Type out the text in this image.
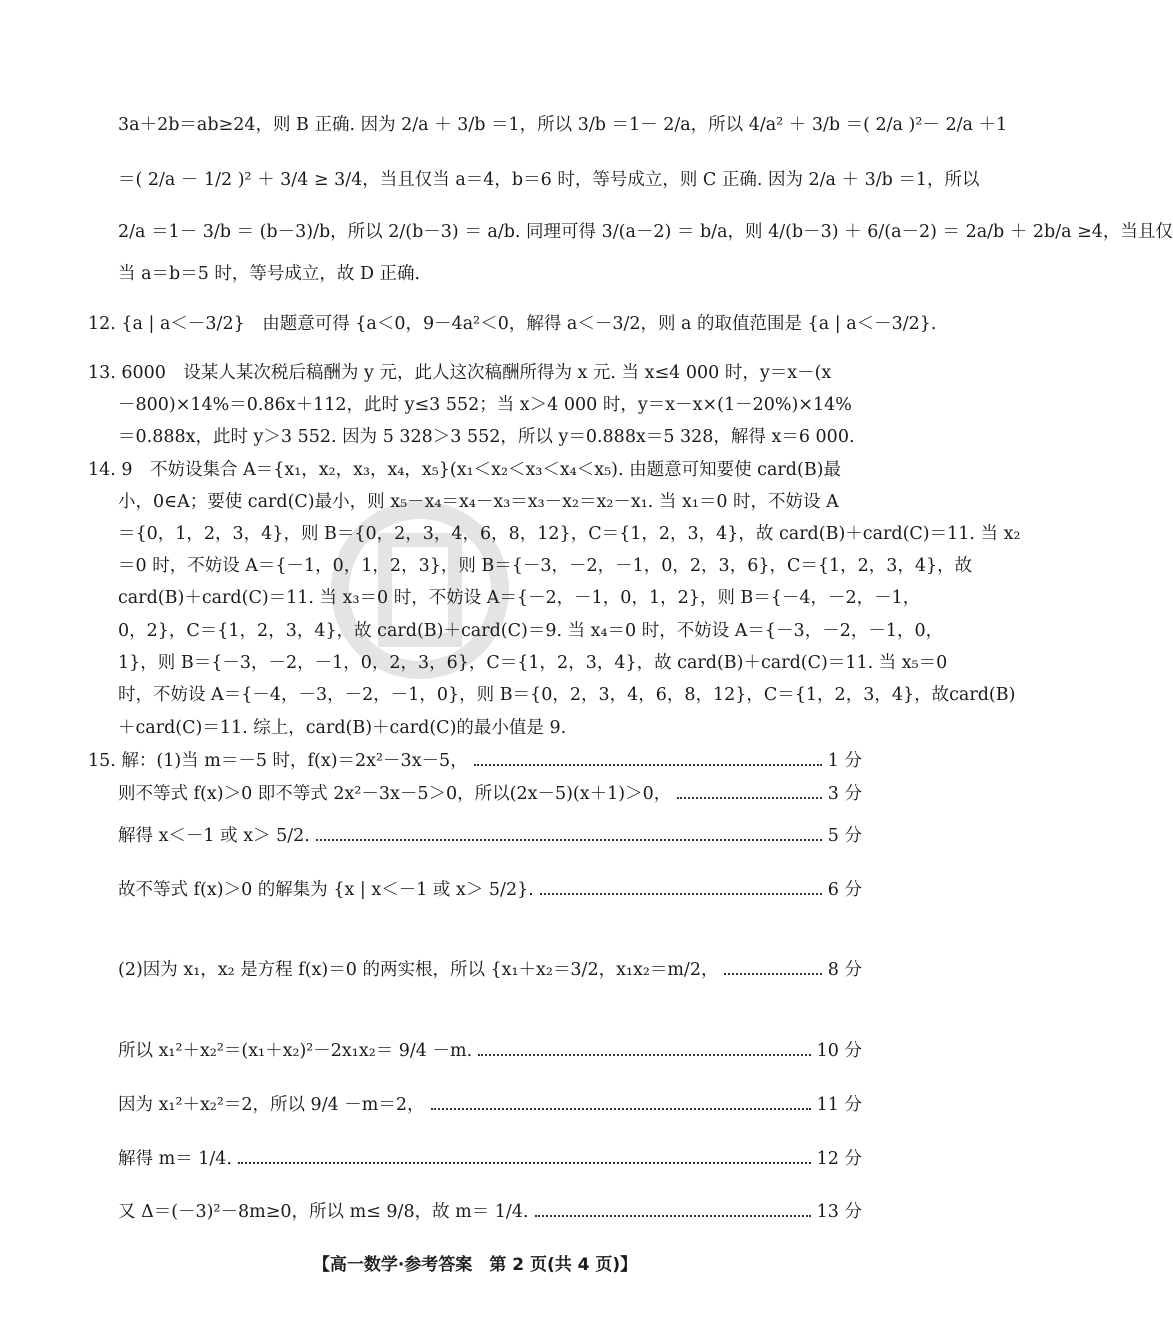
3a＋2b＝ab≥24，则 B 正确. 因为 2/a ＋ 3/b ＝1，所以 3/b ＝1－ 2/a，所以 4/a² ＋ 3/b ＝( 2/a )²－ 2/a ＋1
＝( 2/a － 1/2 )² ＋ 3/4 ≥ 3/4，当且仅当 a＝4，b＝6 时，等号成立，则 C 正确. 因为 2/a ＋ 3/b ＝1，所以
2/a ＝1－ 3/b ＝ (b－3)/b，所以 2/(b－3) ＝ a/b. 同理可得 3/(a－2) ＝ b/a，则 4/(b－3) ＋ 6/(a－2) ＝ 2a/b ＋ 2b/a ≥4，当且仅
当 a＝b＝5 时，等号成立，故 D 正确.
12. {a | a＜－3/2}　由题意可得 {a＜0，9－4a²＜0，解得 a＜－3/2，则 a 的取值范围是 {a | a＜－3/2}.
13. 6000　设某人某次税后稿酬为 y 元，此人这次稿酬所得为 x 元. 当 x≤4 000 时，y＝x－(x
－800)×14%＝0.86x＋112，此时 y≤3 552；当 x＞4 000 时，y＝x－x×(1－20%)×14%
＝0.888x，此时 y＞3 552. 因为 5 328＞3 552，所以 y＝0.888x＝5 328，解得 x＝6 000.
14. 9　不妨设集合 A＝{x₁，x₂，x₃，x₄，x₅}(x₁＜x₂＜x₃＜x₄＜x₅). 由题意可知要使 card(B)最
小，0∈A；要使 card(C)最小，则 x₅－x₄＝x₄－x₃＝x₃－x₂＝x₂－x₁. 当 x₁＝0 时，不妨设 A
＝{0，1，2，3，4}，则 B＝{0，2，3，4，6，8，12}，C＝{1，2，3，4}，故 card(B)＋card(C)＝11. 当 x₂
＝0 时，不妨设 A＝{－1，0，1，2，3}，则 B＝{－3，－2，－1，0，2，3，6}，C＝{1，2，3，4}，故
card(B)＋card(C)＝11. 当 x₃＝0 时，不妨设 A＝{－2，－1，0，1，2}，则 B＝{－4，－2，－1，
0，2}，C＝{1，2，3，4}，故 card(B)＋card(C)＝9. 当 x₄＝0 时，不妨设 A＝{－3，－2，－1，0，
1}，则 B＝{－3，－2，－1，0，2，3，6}，C＝{1，2，3，4}，故 card(B)＋card(C)＝11. 当 x₅＝0
时，不妨设 A＝{－4，－3，－2，－1，0}，则 B＝{0，2，3，4，6，8，12}，C＝{1，2，3，4}，故card(B)
＋card(C)＝11. 综上，card(B)＋card(C)的最小值是 9.
15. 解：(1)当 m＝－5 时，f(x)＝2x²－3x－5，	1 分
则不等式 f(x)＞0 即不等式 2x²－3x－5＞0，所以(2x－5)(x＋1)＞0，	3 分
解得 x＜－1 或 x＞ 5/2.	5 分
故不等式 f(x)＞0 的解集为 {x | x＜－1 或 x＞ 5/2}.	6 分
(2)因为 x₁，x₂ 是方程 f(x)＝0 的两实根，所以 {x₁＋x₂＝3/2，x₁x₂＝m/2，	8 分
所以 x₁²＋x₂²＝(x₁＋x₂)²－2x₁x₂＝ 9/4 －m.	10 分
因为 x₁²＋x₂²＝2，所以 9/4 －m＝2，	11 分
解得 m＝ 1/4.	12 分
又 Δ＝(－3)²－8m≥0，所以 m≤ 9/8，故 m＝ 1/4.	13 分
【高一数学·参考答案　第 2 页(共 4 页)】
